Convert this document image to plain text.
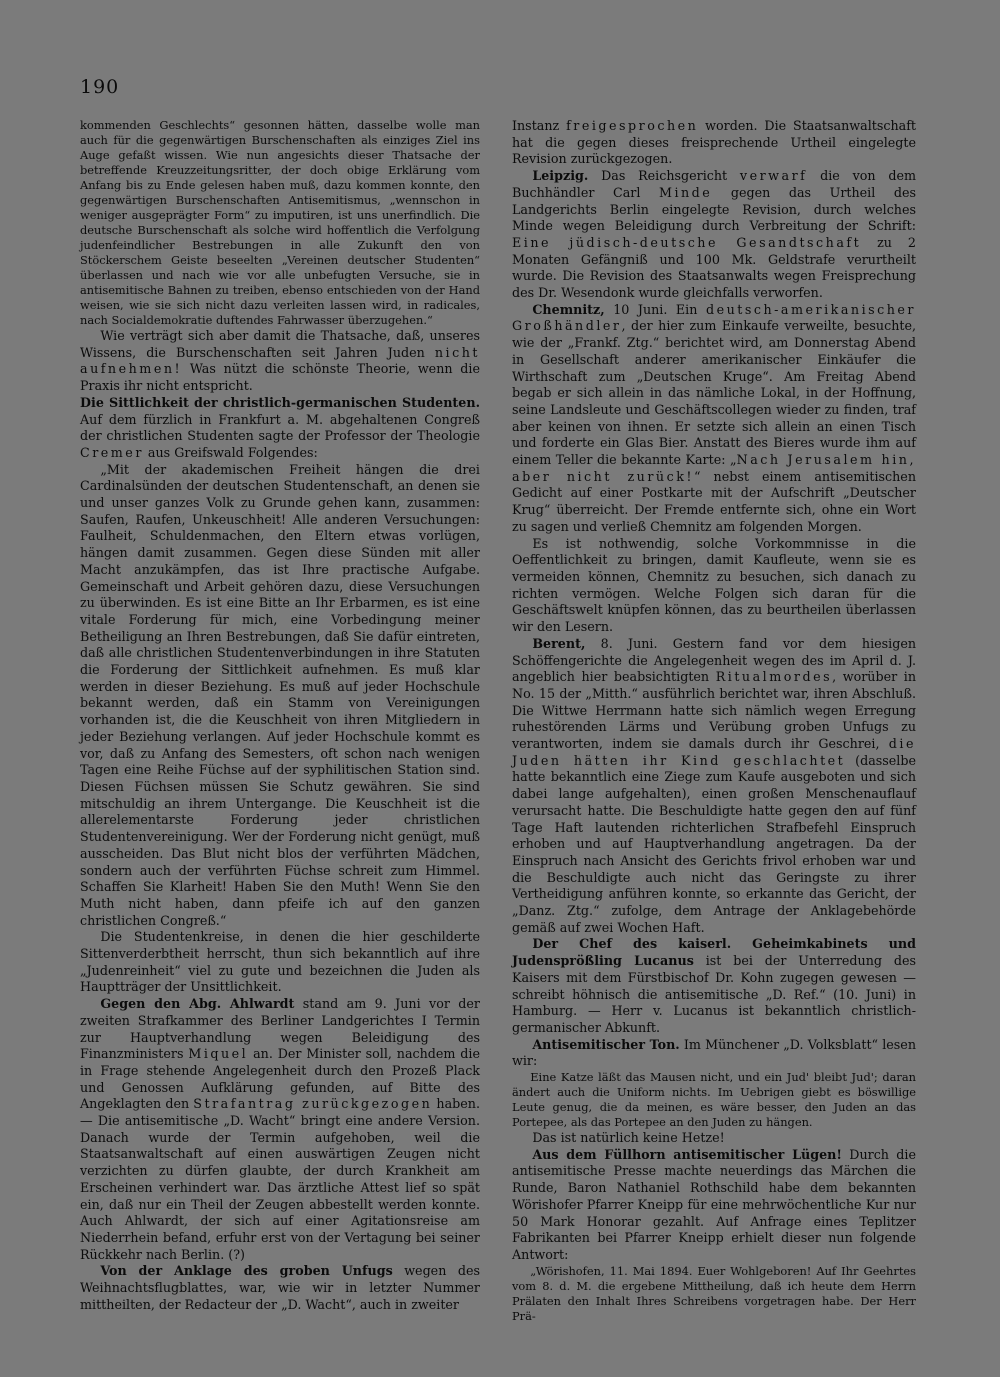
190

kommenden Geschlechts“ gesonnen hätten, dasselbe wolle man auch für die gegenwärtigen Burschenschaften als einziges Ziel ins Auge gefaßt wissen. Wie nun angesichts dieser Thatsache der betreffende Kreuzzeitungsritter, der doch obige Erklärung vom Anfang bis zu Ende gelesen haben muß, dazu kommen konnte, den gegenwärtigen Burschenschaften Antisemitismus, „wennschon in weniger ausgeprägter Form“ zu imputiren, ist uns unerfindlich. Die deutsche Burschenschaft als solche wird hoffentlich die Verfolgung judenfeindlicher Bestrebungen in alle Zukunft den von Stöckerschem Geiste beseelten „Vereinen deutscher Studenten“ überlassen und nach wie vor alle unbefugten Versuche, sie in antisemitische Bahnen zu treiben, ebenso entschieden von der Hand weisen, wie sie sich nicht dazu verleiten lassen wird, in radicales, nach Socialdemokratie duftendes Fahrwasser überzugehen.“

Wie verträgt sich aber damit die Thatsache, daß, unseres Wissens, die Burschenschaften seit Jahren Juden nicht aufnehmen! Was nützt die schönste Theorie, wenn die Praxis ihr nicht entspricht.

Die Sittlichkeit der christlich-germanischen Studenten. Auf dem fürzlich in Frankfurt a. M. abgehaltenen Congreß der christlichen Studenten sagte der Professor der Theologie Cremer aus Greifswald Folgendes:

„Mit der akademischen Freiheit hängen die drei Cardinalsünden der deutschen Studentenschaft, an denen sie und unser ganzes Volk zu Grunde gehen kann, zusammen: Saufen, Raufen, Unkeuschheit! Alle anderen Versuchungen: Faulheit, Schuldenmachen, den Eltern etwas vorlügen, hängen damit zusammen. Gegen diese Sünden mit aller Macht anzukämpfen, das ist Ihre practische Aufgabe. Gemeinschaft und Arbeit gehören dazu, diese Versuchungen zu überwinden. Es ist eine Bitte an Ihr Erbarmen, es ist eine vitale Forderung für mich, eine Vorbedingung meiner Betheiligung an Ihren Bestrebungen, daß Sie dafür eintreten, daß alle christlichen Studentenverbindungen in ihre Statuten die Forderung der Sittlichkeit aufnehmen. Es muß klar werden in dieser Beziehung. Es muß auf jeder Hochschule bekannt werden, daß ein Stamm von Vereinigungen vorhanden ist, die die Keuschheit von ihren Mitgliedern in jeder Beziehung verlangen. Auf jeder Hochschule kommt es vor, daß zu Anfang des Semesters, oft schon nach wenigen Tagen eine Reihe Füchse auf der syphilitischen Station sind. Diesen Füchsen müssen Sie Schutz gewähren. Sie sind mitschuldig an ihrem Untergange. Die Keuschheit ist die allerelementarste Forderung jeder christlichen Studentenvereinigung. Wer der Forderung nicht genügt, muß ausscheiden. Das Blut nicht blos der verführten Mädchen, sondern auch der verführten Füchse schreit zum Himmel. Schaffen Sie Klarheit! Haben Sie den Muth! Wenn Sie den Muth nicht haben, dann pfeife ich auf den ganzen christlichen Congreß.“

Die Studentenkreise, in denen die hier geschilderte Sittenverderbtheit herrscht, thun sich bekanntlich auf ihre „Judenreinheit“ viel zu gute und bezeichnen die Juden als Hauptträger der Unsittlichkeit.

Gegen den Abg. Ahlwardt stand am 9. Juni vor der zweiten Strafkammer des Berliner Landgerichtes I Termin zur Hauptverhandlung wegen Beleidigung des Finanzministers Miquel an. Der Minister soll, nachdem die in Frage stehende Angelegenheit durch den Prozeß Plack und Genossen Aufklärung gefunden, auf Bitte des Angeklagten den Strafantrag zurückgezogen haben. — Die antisemitische „D. Wacht“ bringt eine andere Version. Danach wurde der Termin aufgehoben, weil die Staatsanwaltschaft auf einen auswärtigen Zeugen nicht verzichten zu dürfen glaubte, der durch Krankheit am Erscheinen verhindert war. Das ärztliche Attest lief so spät ein, daß nur ein Theil der Zeugen abbestellt werden konnte. Auch Ahlwardt, der sich auf einer Agitationsreise am Niederrhein befand, erfuhr erst von der Vertagung bei seiner Rückkehr nach Berlin. (?)

Von der Anklage des groben Unfugs wegen des Weihnachtsflugblattes, war, wie wir in letzter Nummer mittheilten, der Redacteur der „D. Wacht“, auch in zweiter

Instanz freigesprochen worden. Die Staatsanwaltschaft hat die gegen dieses freisprechende Urtheil eingelegte Revision zurückgezogen.

Leipzig. Das Reichsgericht verwarf die von dem Buchhändler Carl Minde gegen das Urtheil des Landgerichts Berlin eingelegte Revision, durch welches Minde wegen Beleidigung durch Verbreitung der Schrift: Eine jüdisch-deutsche Gesandtschaft zu 2 Monaten Gefängniß und 100 Mk. Geldstrafe verurtheilt wurde. Die Revision des Staatsanwalts wegen Freisprechung des Dr. Wesendonk wurde gleichfalls verworfen.

Chemnitz, 10 Juni. Ein deutsch-amerikanischer Großhändler, der hier zum Einkaufe verweilte, besuchte, wie der „Frankf. Ztg.“ berichtet wird, am Donnerstag Abend in Gesellschaft anderer amerikanischer Einkäufer die Wirthschaft zum „Deutschen Kruge“. Am Freitag Abend begab er sich allein in das nämliche Lokal, in der Hoffnung, seine Landsleute und Geschäftscollegen wieder zu finden, traf aber keinen von ihnen. Er setzte sich allein an einen Tisch und forderte ein Glas Bier. Anstatt des Bieres wurde ihm auf einem Teller die bekannte Karte: „Nach Jerusalem hin, aber nicht zurück!“ nebst einem antisemitischen Gedicht auf einer Postkarte mit der Aufschrift „Deutscher Krug“ überreicht. Der Fremde entfernte sich, ohne ein Wort zu sagen und verließ Chemnitz am folgenden Morgen.

Es ist nothwendig, solche Vorkommnisse in die Oeffentlichkeit zu bringen, damit Kaufleute, wenn sie es vermeiden können, Chemnitz zu besuchen, sich danach zu richten vermögen. Welche Folgen sich daran für die Geschäftswelt knüpfen können, das zu beurtheilen überlassen wir den Lesern.

Berent, 8. Juni. Gestern fand vor dem hiesigen Schöffengerichte die Angelegenheit wegen des im April d. J. angeblich hier beabsichtigten Ritualmordes, worüber in No. 15 der „Mitth.“ ausführlich berichtet war, ihren Abschluß. Die Wittwe Herrmann hatte sich nämlich wegen Erregung ruhestörenden Lärms und Verübung groben Unfugs zu verantworten, indem sie damals durch ihr Geschrei, die Juden hätten ihr Kind geschlachtet (dasselbe hatte bekanntlich eine Ziege zum Kaufe ausgeboten und sich dabei lange aufgehalten), einen großen Menschenauflauf verursacht hatte. Die Beschuldigte hatte gegen den auf fünf Tage Haft lautenden richterlichen Strafbefehl Einspruch erhoben und auf Hauptverhandlung angetragen. Da der Einspruch nach Ansicht des Gerichts frivol erhoben war und die Beschuldigte auch nicht das Geringste zu ihrer Vertheidigung anführen konnte, so erkannte das Gericht, der „Danz. Ztg.“ zufolge, dem Antrage der Anklagebehörde gemäß auf zwei Wochen Haft.

Der Chef des kaiserl. Geheimkabinets und Judensprößling Lucanus ist bei der Unterredung des Kaisers mit dem Fürstbischof Dr. Kohn zugegen gewesen — schreibt höhnisch die antisemitische „D. Ref.“ (10. Juni) in Hamburg. — Herr v. Lucanus ist bekanntlich christlich-germanischer Abkunft.

Antisemitischer Ton. Im Münchener „D. Volksblatt“ lesen wir:

Eine Katze läßt das Mausen nicht, und ein Jud' bleibt Jud'; daran ändert auch die Uniform nichts. Im Uebrigen giebt es böswillige Leute genug, die da meinen, es wäre besser, den Juden an das Portepee, als das Portepee an den Juden zu hängen.

Das ist natürlich keine Hetze!

Aus dem Füllhorn antisemitischer Lügen! Durch die antisemitische Presse machte neuerdings das Märchen die Runde, Baron Nathaniel Rothschild habe dem bekannten Wörishofer Pfarrer Kneipp für eine mehrwöchentliche Kur nur 50 Mark Honorar gezahlt. Auf Anfrage eines Teplitzer Fabrikanten bei Pfarrer Kneipp erhielt dieser nun folgende Antwort:

„Wörishofen, 11. Mai 1894. Euer Wohlgeboren! Auf Ihr Geehrtes vom 8. d. M. die ergebene Mittheilung, daß ich heute dem Herrn Prälaten den Inhalt Ihres Schreibens vorgetragen habe. Der Herr Prä-
